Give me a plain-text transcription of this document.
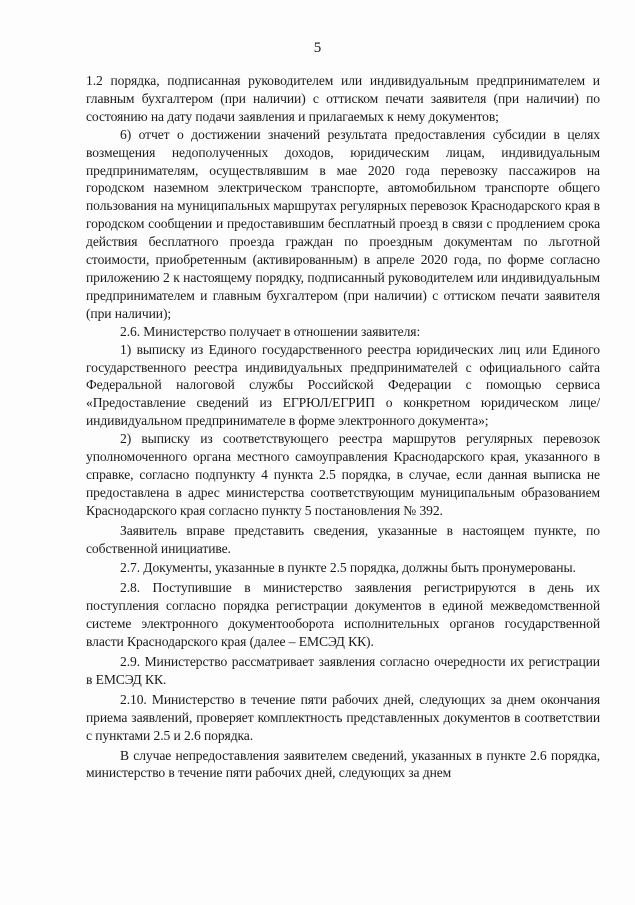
5

1.2 порядка, подписанная руководителем или индивидуальным предпринимателем и главным бухгалтером (при наличии) с оттиском печати заявителя (при наличии) по состоянию на дату подачи заявления и прилагаемых к нему документов;

6) отчет о достижении значений результата предоставления субсидии в целях возмещения недополученных доходов, юридическим лицам, индивидуальным предпринимателям, осуществлявшим в мае 2020 года перевозку пассажиров на городском наземном электрическом транспорте, автомобильном транспорте общего пользования на муниципальных маршрутах регулярных перевозок Краснодарского края в городском сообщении и предоставившим бесплатный проезд в связи с продлением срока действия бесплатного проезда граждан по проездным документам по льготной стоимости, приобретенным (активированным) в апреле 2020 года, по форме согласно приложению 2 к настоящему порядку, подписанный руководителем или индивидуальным предпринимателем и главным бухгалтером (при наличии) с оттиском печати заявителя (при наличии);

2.6. Министерство получает в отношении заявителя:

1) выписку из Единого государственного реестра юридических лиц или Единого государственного реестра индивидуальных предпринимателей с официального сайта Федеральной налоговой службы Российской Федерации с помощью сервиса «Предоставление сведений из ЕГРЮЛ/ЕГРИП о конкретном юридическом лице/индивидуальном предпринимателе в форме электронного документа»;

2) выписку из соответствующего реестра маршрутов регулярных перевозок уполномоченного органа местного самоуправления Краснодарского края, указанного в справке, согласно подпункту 4 пункта 2.5 порядка, в случае, если данная выписка не предоставлена в адрес министерства соответствующим муниципальным образованием Краснодарского края согласно пункту 5 постановления № 392.

Заявитель вправе представить сведения, указанные в настоящем пункте, по собственной инициативе.

2.7. Документы, указанные в пункте 2.5 порядка, должны быть пронумерованы.

2.8. Поступившие в министерство заявления регистрируются в день их поступления согласно порядка регистрации документов в единой межведомственной системе электронного документооборота исполнительных органов государственной власти Краснодарского края (далее – ЕМСЭД КК).

2.9. Министерство рассматривает заявления согласно очередности их регистрации в ЕМСЭД КК.

2.10. Министерство в течение пяти рабочих дней, следующих за днем окончания приема заявлений, проверяет комплектность представленных документов в соответствии с пунктами 2.5 и 2.6 порядка.

В случае непредоставления заявителем сведений, указанных в пункте 2.6 порядка, министерство в течение пяти рабочих дней, следующих за днем
